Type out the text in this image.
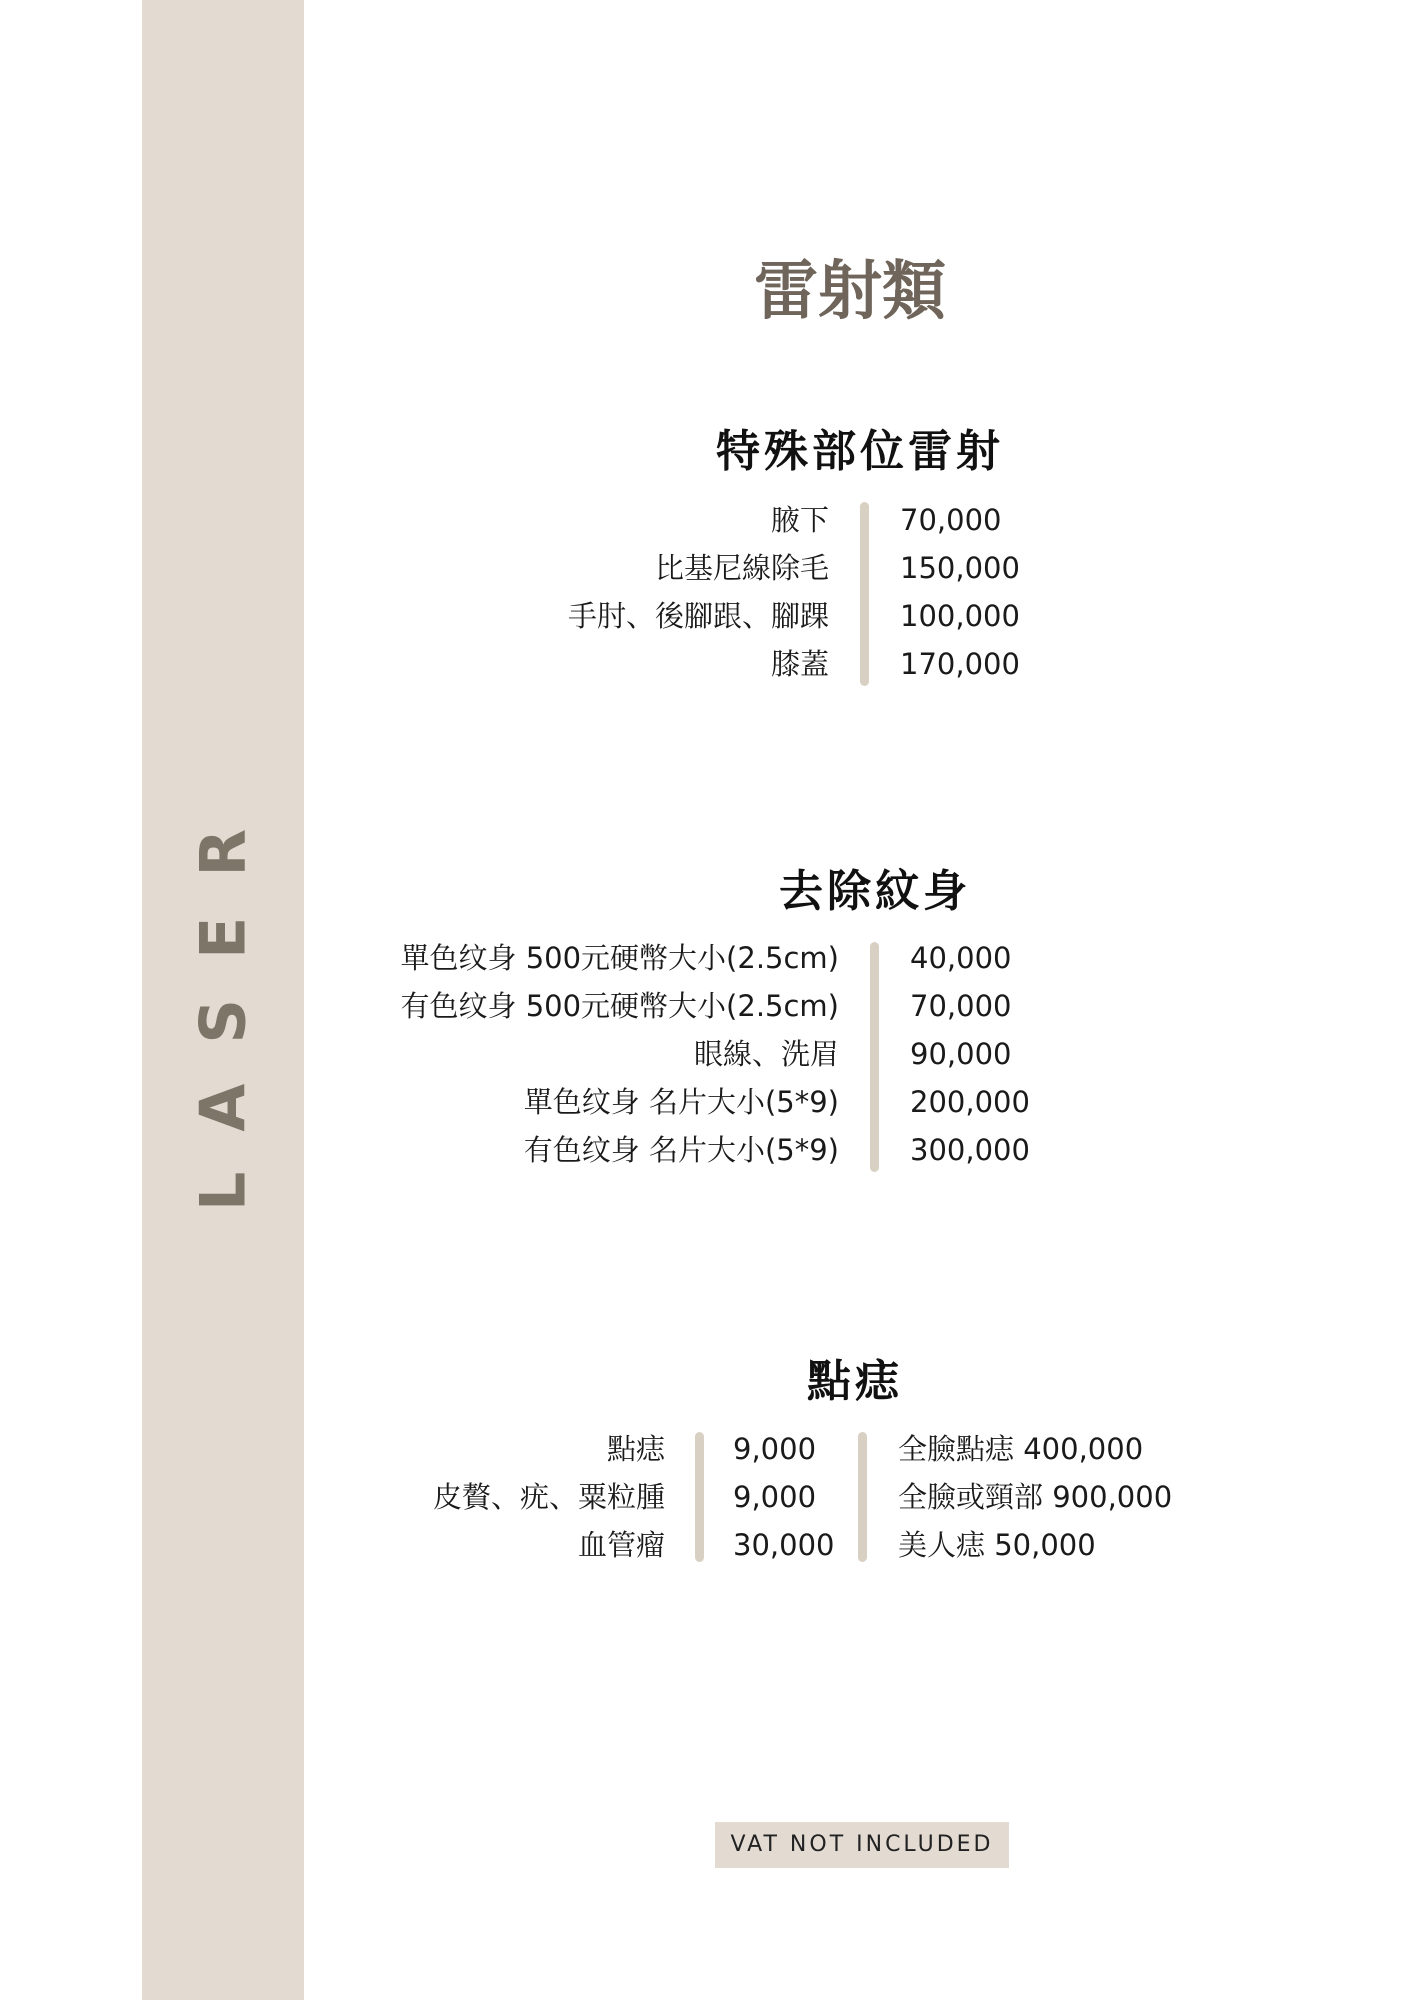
LASER
雷射類
特殊部位雷射
腋下
比基尼線除毛
手肘、後腳跟、腳踝
膝蓋
70,000
150,000
100,000
170,000
去除紋身
單色纹身 500元硬幣大小(2.5cm)
有色纹身 500元硬幣大小(2.5cm)
眼線、洗眉
單色纹身 名片大小(5*9)
有色纹身 名片大小(5*9)
40,000
70,000
90,000
200,000
300,000
點痣
點痣
皮贅、疣、粟粒腫
血管瘤
9,000
9,000
30,000
全臉點痣 400,000
全臉或頸部 900,000
美人痣 50,000
VAT NOT INCLUDED
